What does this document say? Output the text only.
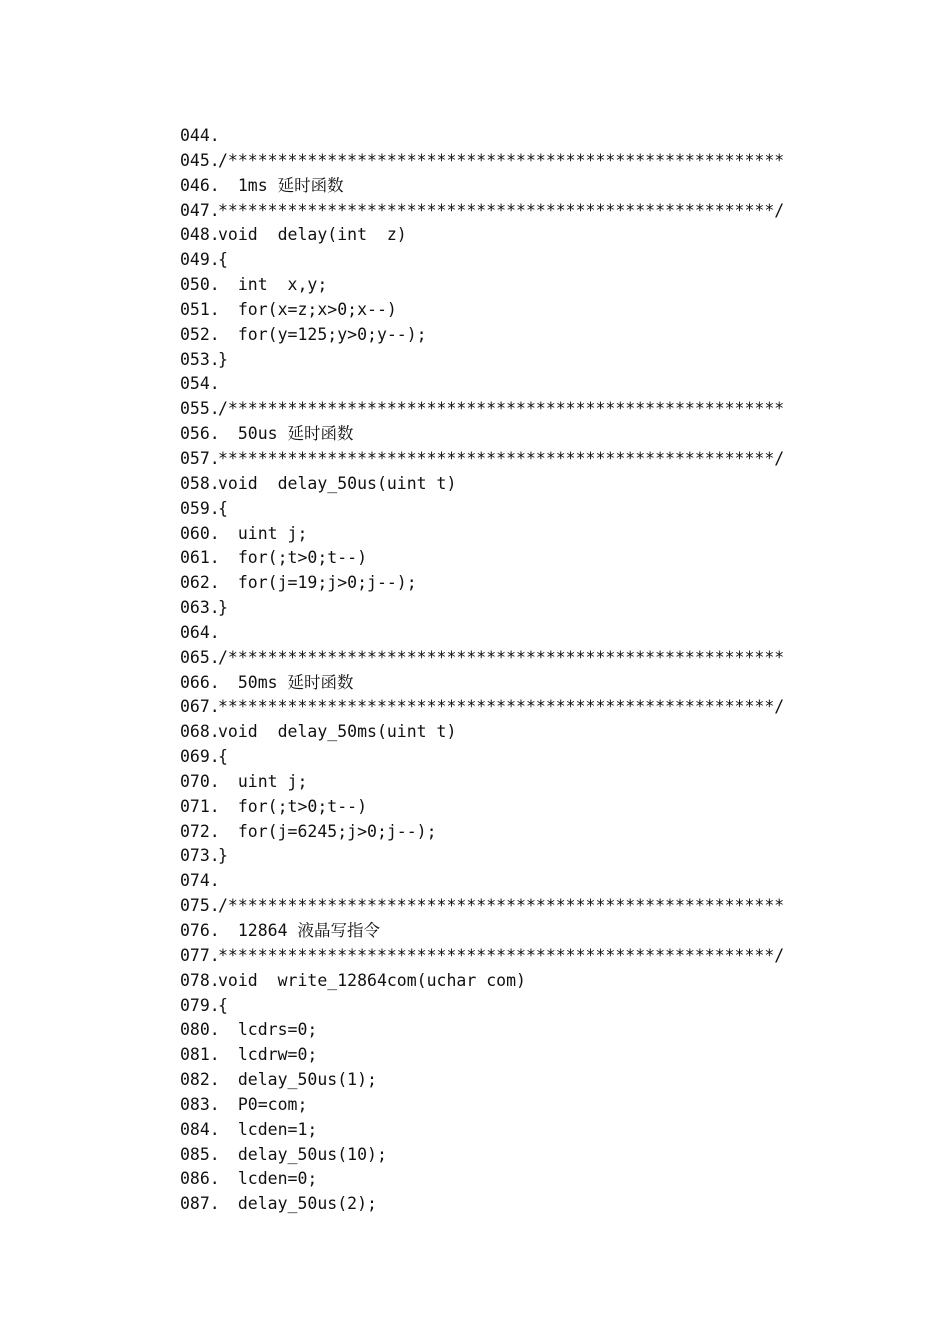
044.
045./********************************************************
046.  1ms 延时函数
047.********************************************************/
048.void  delay(int  z)
049.{
050.  int  x,y;
051.  for(x=z;x>0;x--)
052.  for(y=125;y>0;y--);
053.}
054.
055./********************************************************
056.  50us 延时函数
057.********************************************************/
058.void  delay_50us(uint t)
059.{
060.  uint j;
061.  for(;t>0;t--)
062.  for(j=19;j>0;j--);
063.}
064.
065./********************************************************
066.  50ms 延时函数
067.********************************************************/
068.void  delay_50ms(uint t)
069.{
070.  uint j;
071.  for(;t>0;t--)
072.  for(j=6245;j>0;j--);
073.}
074.
075./********************************************************
076.  12864 液晶写指令
077.********************************************************/
078.void  write_12864com(uchar com)
079.{
080.  lcdrs=0;
081.  lcdrw=0;
082.  delay_50us(1);
083.  P0=com;
084.  lcden=1;
085.  delay_50us(10);
086.  lcden=0;
087.  delay_50us(2);
